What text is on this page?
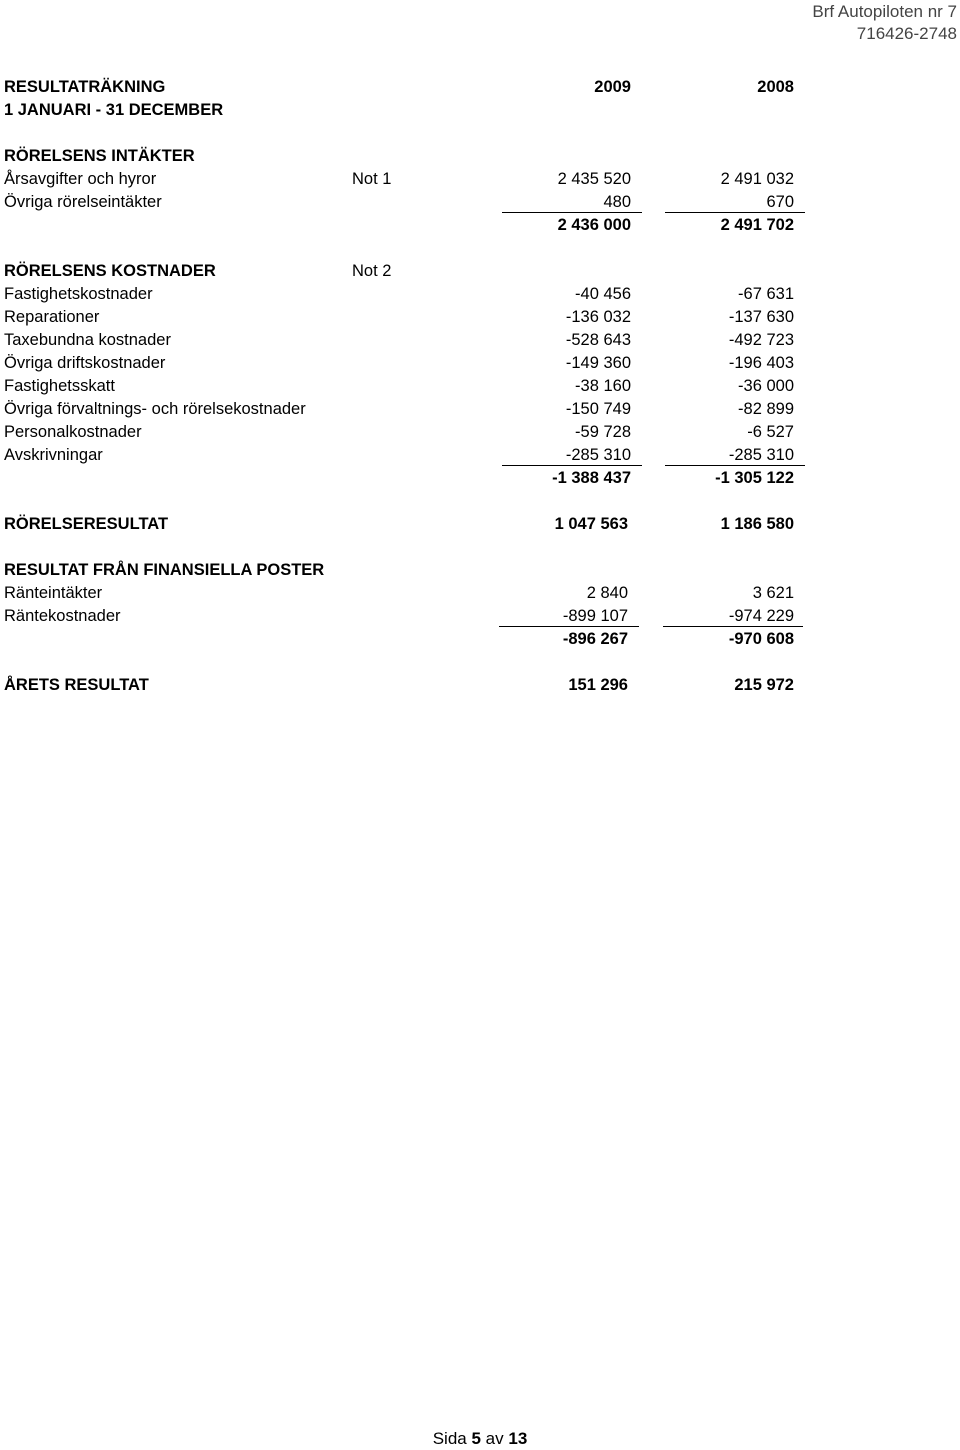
Brf Autopiloten nr 7
716426-2748
RESULTATRÄKNING	2009	2008
1 JANUARI - 31 DECEMBER
RÖRELSENS INTÄKTER
Årsavgifter och hyror	Not 1	2 435 520	2 491 032
Övriga rörelseintäkter	480	670
2 436 000	2 491 702
RÖRELSENS KOSTNADER	Not 2
Fastighetskostnader	-40 456	-67 631
Reparationer	-136 032	-137 630
Taxebundna kostnader	-528 643	-492 723
Övriga driftskostnader	-149 360	-196 403
Fastighetsskatt	-38 160	-36 000
Övriga förvaltnings- och rörelsekostnader	-150 749	-82 899
Personalkostnader	-59 728	-6 527
Avskrivningar	-285 310	-285 310
-1 388 437	-1 305 122
RÖRELSERESULTAT	1 047 563	1 186 580
RESULTAT FRÅN FINANSIELLA POSTER
Ränteintäkter	2 840	3 621
Räntekostnader	-899 107	-974 229
-896 267	-970 608
ÅRETS RESULTAT	151 296	215 972
Sida 5 av 13
